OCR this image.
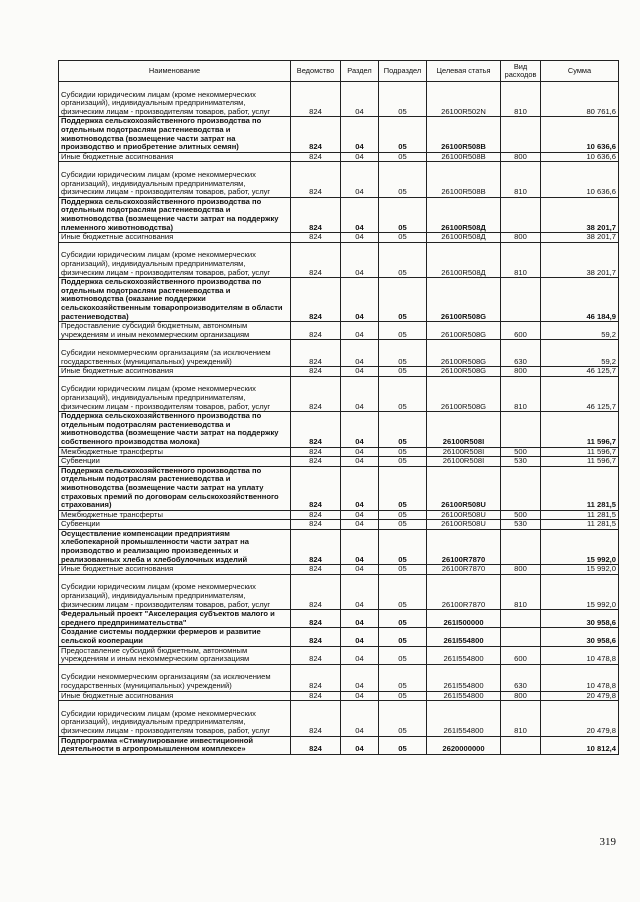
Наименование	Ведомство	Раздел	Подраздел	Целевая статья	Вид расходов	Сумма
Субсидии юридическим лицам (кроме некоммерческих организаций), индивидуальным предпринимателям, физическим лицам - производителям товаров, работ, услуг	824	04	05	26100R502N	810	80 761,6
Поддержка сельскохозяйственного производства по отдельным подотраслям растениеводства и животноводства (возмещение части затрат на производство и приобретение элитных семян)	824	04	05	26100R508B		10 636,6
Иные бюджетные ассигнования	824	04	05	26100R508B	800	10 636,6
Субсидии юридическим лицам (кроме некоммерческих организаций), индивидуальным предпринимателям, физическим лицам - производителям товаров, работ, услуг	824	04	05	26100R508B	810	10 636,6
Поддержка сельскохозяйственного производства по отдельным подотраслям растениеводства и животноводства (возмещение части затрат на поддержку племенного животноводства)	824	04	05	26100R508Д		38 201,7
Иные бюджетные ассигнования	824	04	05	26100R508Д	800	38 201,7
Субсидии юридическим лицам (кроме некоммерческих организаций), индивидуальным предпринимателям, физическим лицам - производителям товаров, работ, услуг	824	04	05	26100R508Д	810	38 201,7
Поддержка сельскохозяйственного производства по отдельным подотраслям растениеводства и животноводства (оказание поддержки сельскохозяйственным товаропроизводителям в области растениеводства)	824	04	05	26100R508G		46 184,9
Предоставление субсидий бюджетным, автономным учреждениям и иным некоммерческим организациям	824	04	05	26100R508G	600	59,2
Субсидии некоммерческим организациям (за исключением государственных (муниципальных) учреждений)	824	04	05	26100R508G	630	59,2
Иные бюджетные ассигнования	824	04	05	26100R508G	800	46 125,7
Субсидии юридическим лицам (кроме некоммерческих организаций), индивидуальным предпринимателям, физическим лицам - производителям товаров, работ, услуг	824	04	05	26100R508G	810	46 125,7
Поддержка сельскохозяйственного производства по отдельным подотраслям растениеводства и животноводства (возмещение части затрат на поддержку собственного производства молока)	824	04	05	26100R508I		11 596,7
Межбюджетные трансферты	824	04	05	26100R508I	500	11 596,7
Субвенции	824	04	05	26100R508I	530	11 596,7
Поддержка сельскохозяйственного производства по отдельным подотраслям растениеводства и животноводства (возмещение части затрат на уплату страховых премий по договорам сельскохозяйственного страхования)	824	04	05	26100R508U		11 281,5
Межбюджетные трансферты	824	04	05	26100R508U	500	11 281,5
Субвенции	824	04	05	26100R508U	530	11 281,5
Осуществление компенсации предприятиям хлебопекарной промышленности части затрат на производство и реализацию произведенных и реализованных хлеба и хлебобулочных изделий	824	04	05	26100R7870		15 992,0
Иные бюджетные ассигнования	824	04	05	26100R7870	800	15 992,0
Субсидии юридическим лицам (кроме некоммерческих организаций), индивидуальным предпринимателям, физическим лицам - производителям товаров, работ, услуг	824	04	05	26100R7870	810	15 992,0
Федеральный проект "Акселерация субъектов малого и среднего предпринимательства"	824	04	05	261I500000		30 958,6
Создание системы поддержки фермеров и развитие сельской кооперации	824	04	05	261I554800		30 958,6
Предоставление субсидий бюджетным, автономным учреждениям и иным некоммерческим организациям	824	04	05	261I554800	600	10 478,8
Субсидии некоммерческим организациям (за исключением государственных (муниципальных) учреждений)	824	04	05	261I554800	630	10 478,8
Иные бюджетные ассигнования	824	04	05	261I554800	800	20 479,8
Субсидии юридическим лицам (кроме некоммерческих организаций), индивидуальным предпринимателям, физическим лицам - производителям товаров, работ, услуг	824	04	05	261I554800	810	20 479,8
Подпрограмма «Стимулирование инвестиционной деятельности в агропромышленном комплексе»	824	04	05	2620000000		10 812,4
319
